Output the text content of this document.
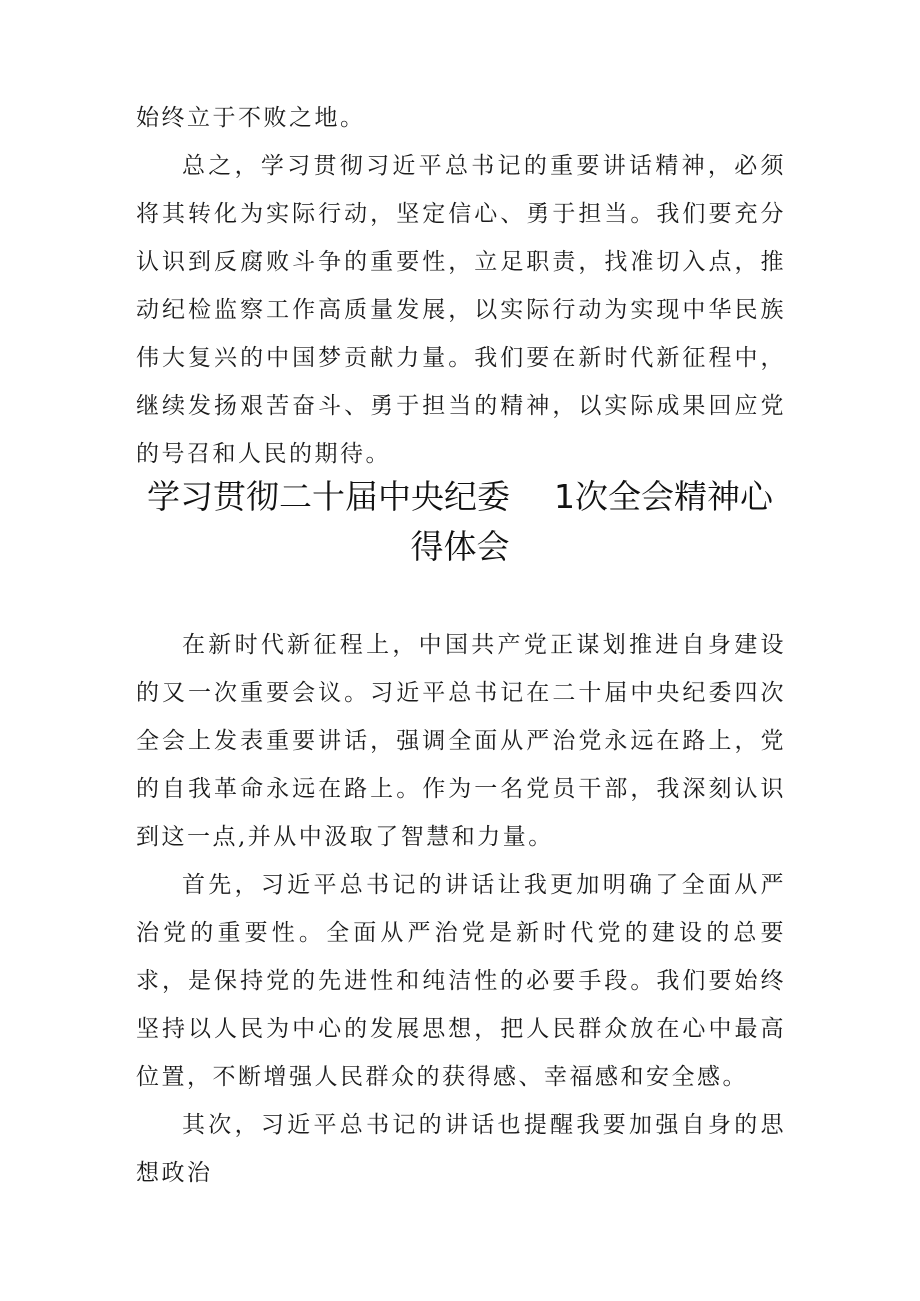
始终立于不败之地。

总之，学习贯彻习近平总书记的重要讲话精神，必须将其转化为实际行动，坚定信心、勇于担当。我们要充分认识到反腐败斗争的重要性，立足职责，找准切入点，推动纪检监察工作高质量发展，以实际行动为实现中华民族伟大复兴的中国梦贡献力量。我们要在新时代新征程中，继续发扬艰苦奋斗、勇于担当的精神，以实际成果回应党的号召和人民的期待。

学习贯彻二十届中央纪委 1次全会精神心
得体会

在新时代新征程上，中国共产党正谋划推进自身建设的又一次重要会议。习近平总书记在二十届中央纪委四次全会上发表重要讲话，强调全面从严治党永远在路上，党的自我革命永远在路上。作为一名党员干部，我深刻认识到这一点,并从中汲取了智慧和力量。

首先，习近平总书记的讲话让我更加明确了全面从严治党的重要性。全面从严治党是新时代党的建设的总要求，是保持党的先进性和纯洁性的必要手段。我们要始终坚持以人民为中心的发展思想，把人民群众放在心中最高位置，不断增强人民群众的获得感、幸福感和安全感。

其次，习近平总书记的讲话也提醒我要加强自身的思想政治
